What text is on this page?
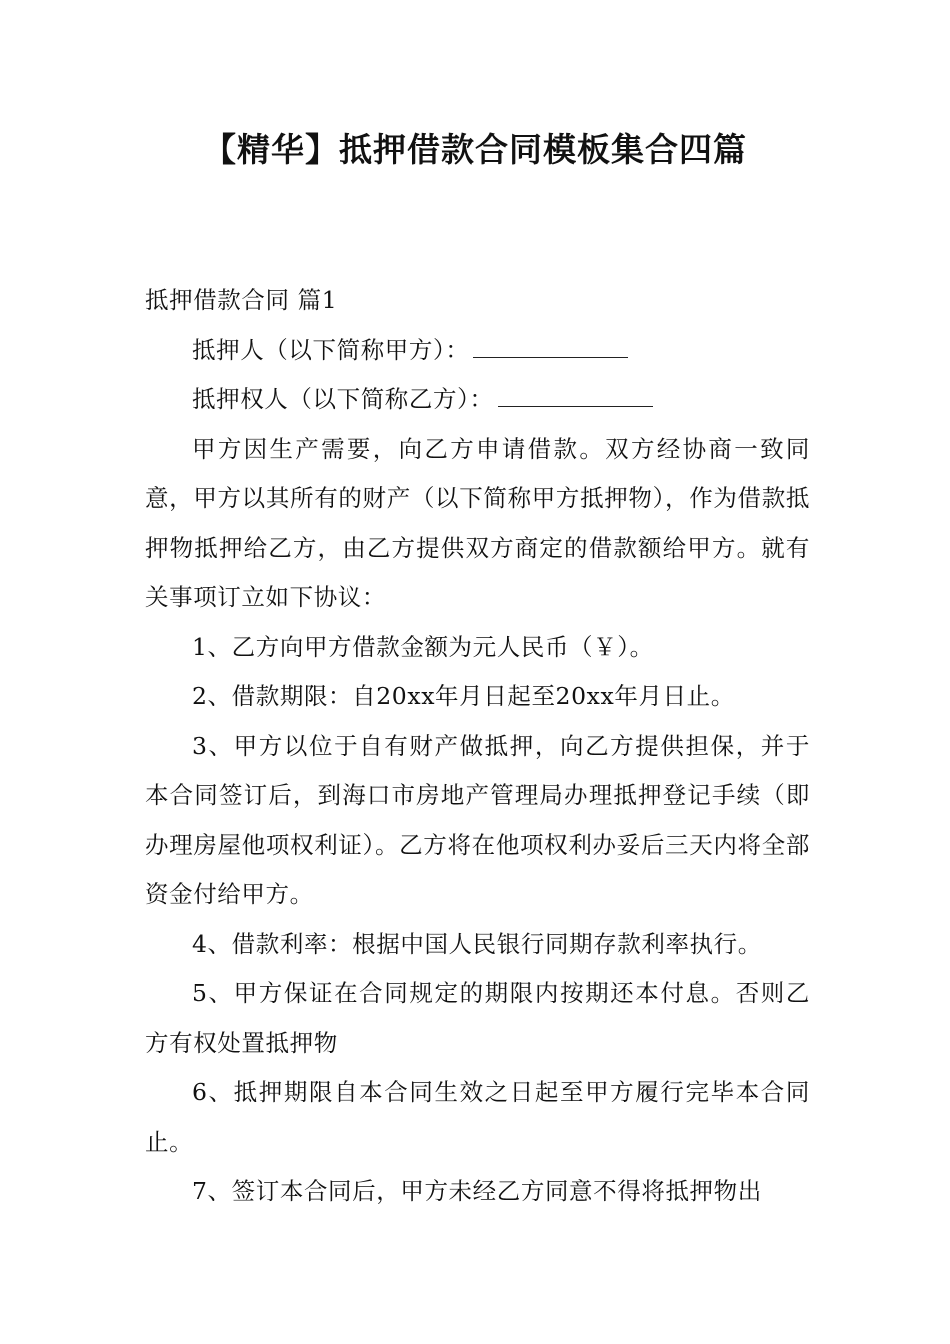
【精华】抵押借款合同模板集合四篇

抵押借款合同 篇1

抵押人（以下简称甲方）：

抵押权人（以下简称乙方）：

甲方因生产需要，向乙方申请借款。双方经协商一致同意，甲方以其所有的财产（以下简称甲方抵押物），作为借款抵押物抵押给乙方，由乙方提供双方商定的借款额给甲方。就有关事项订立如下协议：

1、乙方向甲方借款金额为元人民币（￥）。

2、借款期限：自20xx年月日起至20xx年月日止。

3、甲方以位于自有财产做抵押，向乙方提供担保，并于本合同签订后，到海口市房地产管理局办理抵押登记手续（即办理房屋他项权利证）。乙方将在他项权利办妥后三天内将全部资金付给甲方。

4、借款利率：根据中国人民银行同期存款利率执行。

5、甲方保证在合同规定的期限内按期还本付息。否则乙方有权处置抵押物

6、抵押期限自本合同生效之日起至甲方履行完毕本合同止。

7、签订本合同后，甲方未经乙方同意不得将抵押物出
